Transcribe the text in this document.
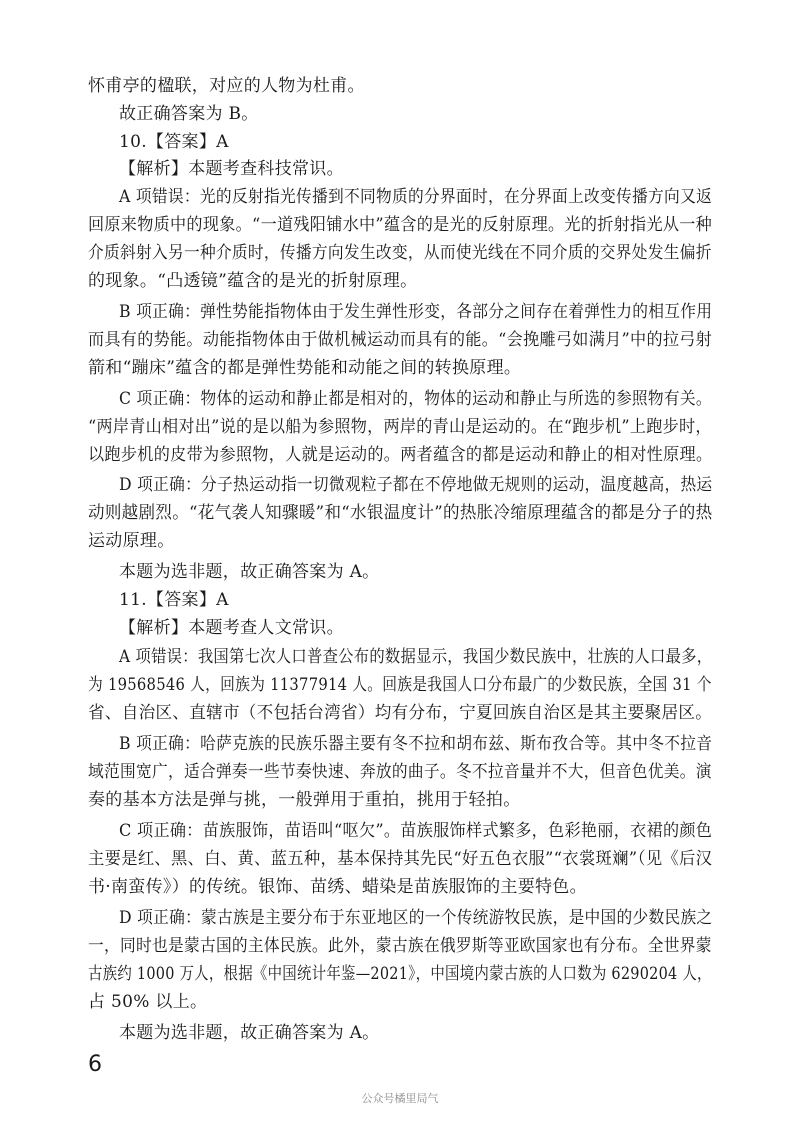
怀甫亭的楹联，对应的人物为杜甫。

故正确答案为 B。

10.【答案】A

【解析】本题考查科技常识。

A 项错误：光的反射指光传播到不同物质的分界面时，在分界面上改变传播方向又返

回原来物质中的现象。“一道残阳铺水中”蕴含的是光的反射原理。光的折射指光从一种

介质斜射入另一种介质时，传播方向发生改变，从而使光线在不同介质的交界处发生偏折

的现象。“凸透镜”蕴含的是光的折射原理。

B 项正确：弹性势能指物体由于发生弹性形变，各部分之间存在着弹性力的相互作用

而具有的势能。动能指物体由于做机械运动而具有的能。“会挽雕弓如满月”中的拉弓射

箭和“蹦床”蕴含的都是弹性势能和动能之间的转换原理。

C 项正确：物体的运动和静止都是相对的，物体的运动和静止与所选的参照物有关。

“两岸青山相对出”说的是以船为参照物，两岸的青山是运动的。在“跑步机”上跑步时，

以跑步机的皮带为参照物，人就是运动的。两者蕴含的都是运动和静止的相对性原理。

D 项正确：分子热运动指一切微观粒子都在不停地做无规则的运动，温度越高，热运

动则越剧烈。“花气袭人知骤暖”和“水银温度计”的热胀冷缩原理蕴含的都是分子的热

运动原理。

本题为选非题，故正确答案为 A。

11.【答案】A

【解析】本题考查人文常识。

A 项错误：我国第七次人口普查公布的数据显示，我国少数民族中，壮族的人口最多，

为 19568546 人，回族为 11377914 人。回族是我国人口分布最广的少数民族，全国 31 个

省、自治区、直辖市（不包括台湾省）均有分布，宁夏回族自治区是其主要聚居区。

B 项正确：哈萨克族的民族乐器主要有冬不拉和胡布兹、斯布孜合等。其中冬不拉音

域范围宽广，适合弹奏一些节奏快速、奔放的曲子。冬不拉音量并不大，但音色优美。演

奏的基本方法是弹与挑，一般弹用于重拍，挑用于轻拍。

C 项正确：苗族服饰，苗语叫“呕欠”。苗族服饰样式繁多，色彩艳丽，衣裙的颜色

主要是红、黑、白、黄、蓝五种，基本保持其先民“好五色衣服”“衣裳斑斓”（见《后汉

书·南蛮传》）的传统。银饰、苗绣、蜡染是苗族服饰的主要特色。

D 项正确：蒙古族是主要分布于东亚地区的一个传统游牧民族，是中国的少数民族之

一，同时也是蒙古国的主体民族。此外，蒙古族在俄罗斯等亚欧国家也有分布。全世界蒙

古族约 1000 万人，根据《中国统计年鉴—2021》，中国境内蒙古族的人口数为 6290204 人，

占 50% 以上。

本题为选非题，故正确答案为 A。

6

公众号橘里局气
